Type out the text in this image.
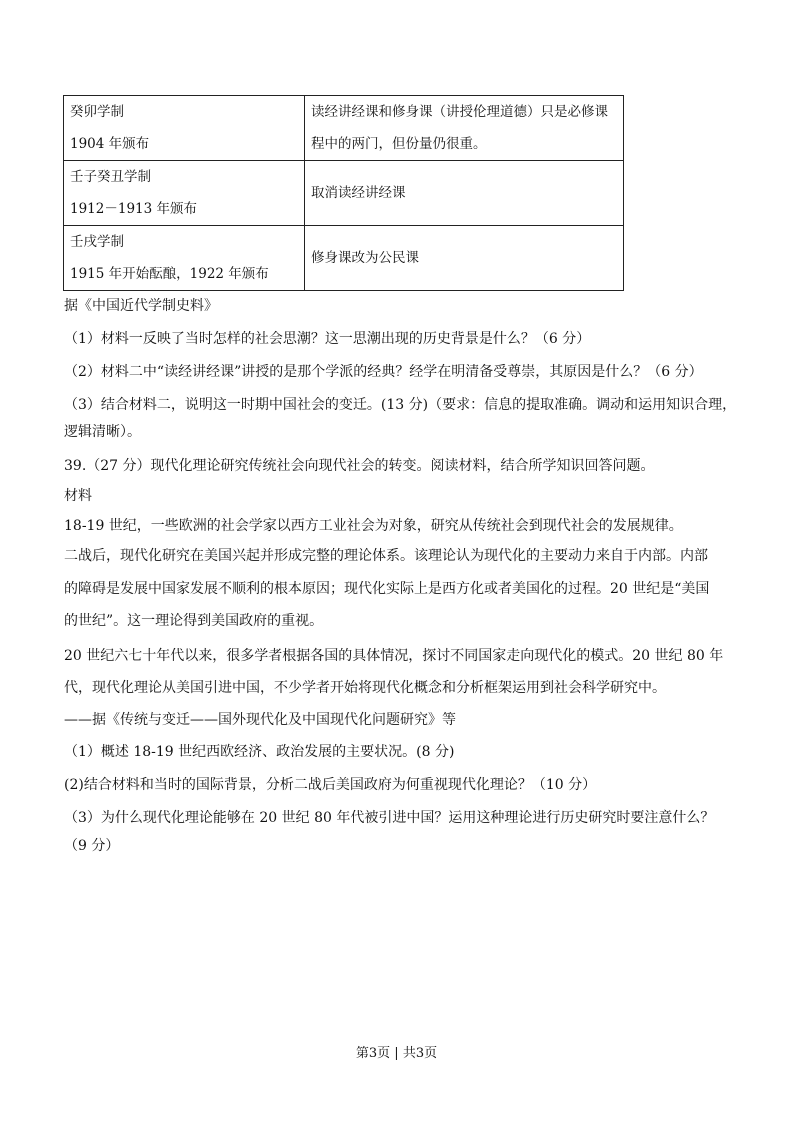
癸卯学制
1904 年颁布	读经讲经课和修身课（讲授伦理道德）只是必修课
程中的两门，但份量仍很重。

壬子癸丑学制
1912－1913 年颁布	取消读经讲经课

壬戌学制
1915 年开始酝酿，1922 年颁布	修身课改为公民课
据《中国近代学制史料》
（1）材料一反映了当时怎样的社会思潮？这一思潮出现的历史背景是什么？（6 分）
（2）材料二中“读经讲经课”讲授的是那个学派的经典？经学在明清备受尊崇，其原因是什么？（6 分）
（3）结合材料二，说明这一时期中国社会的变迁。(13 分)（要求：信息的提取准确。调动和运用知识合理，
逻辑清晰）。
39.（27 分）现代化理论研究传统社会向现代社会的转变。阅读材料，结合所学知识回答问题。
材料
18-19 世纪，一些欧洲的社会学家以西方工业社会为对象，研究从传统社会到现代社会的发展规律。
二战后，现代化研究在美国兴起并形成完整的理论体系。该理论认为现代化的主要动力来自于内部。内部
的障碍是发展中国家发展不顺利的根本原因；现代化实际上是西方化或者美国化的过程。20 世纪是“美国
的世纪”。这一理论得到美国政府的重视。
20 世纪六七十年代以来，很多学者根据各国的具体情况，探讨不同国家走向现代化的模式。20 世纪 80 年
代，现代化理论从美国引进中国，不少学者开始将现代化概念和分析框架运用到社会科学研究中。
——据《传统与变迁——国外现代化及中国现代化问题研究》等
（1）概述 18-19 世纪西欧经济、政治发展的主要状况。(8 分)
(2)结合材料和当时的国际背景，分析二战后美国政府为何重视现代化理论？（10 分）
（3）为什么现代化理论能够在 20 世纪 80 年代被引进中国？运用这种理论进行历史研究时要注意什么？
（9 分）
第3页 | 共3页
